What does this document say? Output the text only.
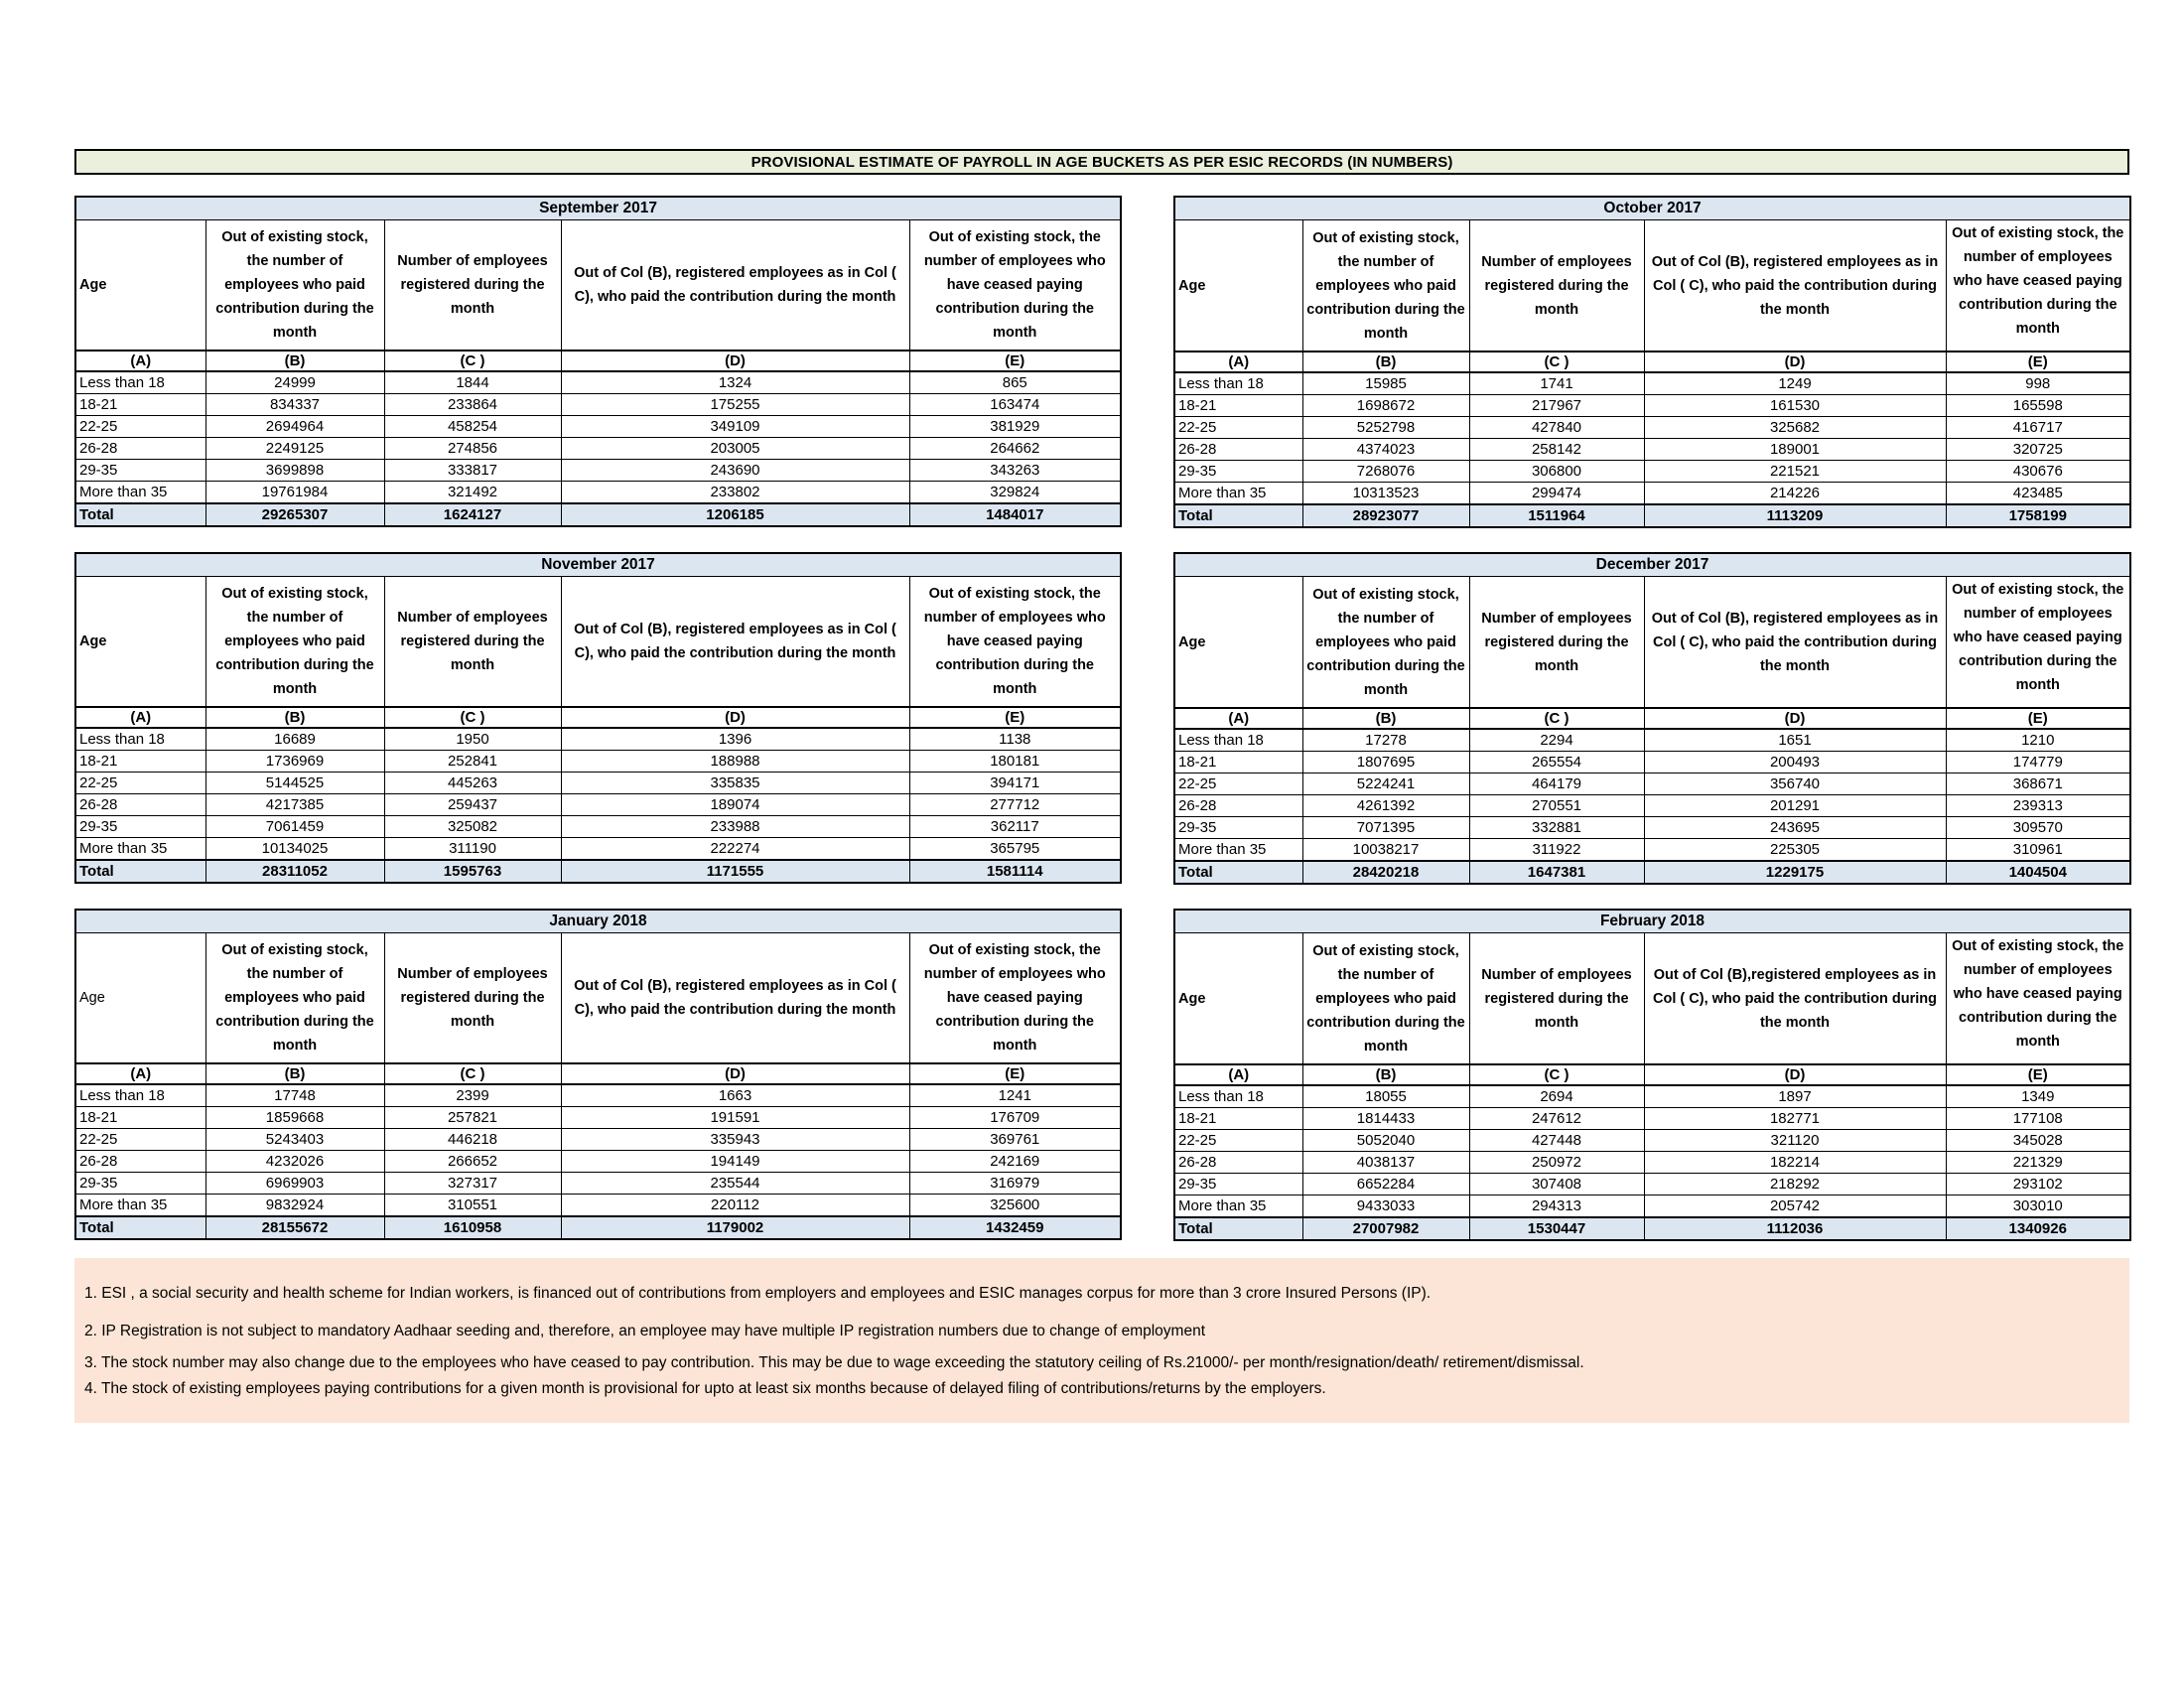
PROVISIONAL ESTIMATE OF PAYROLL IN AGE BUCKETS AS PER ESIC RECORDS (IN NUMBERS)
September 2017				

Age	Out of existing stock, the number of employees who paid contribution during the month	Number of employees registered during the month	Out of Col (B), registered employees as in Col ( C), who paid the contribution during the month	Out of existing stock, the number of employees who have ceased paying contribution during the month

(A)	(B)	(C )	(D)	(E)
Less than 18	24999	1844	1324	865
18-21	834337	233864	175255	163474
22-25	2694964	458254	349109	381929
26-28	2249125	274856	203005	264662
29-35	3699898	333817	243690	343263
More than 35	19761984	321492	233802	329824
Total	29265307	1624127	1206185	1484017
October 2017				

Age	Out of existing stock, the number of employees who paid contribution during the month	Number of employees registered during the month	Out of Col (B), registered employees as in Col ( C), who paid the contribution during the month	Out of existing stock, the number of employees who have ceased paying contribution during the month

(A)	(B)	(C )	(D)	(E)
Less than 18	15985	1741	1249	998
18-21	1698672	217967	161530	165598
22-25	5252798	427840	325682	416717
26-28	4374023	258142	189001	320725
29-35	7268076	306800	221521	430676
More than 35	10313523	299474	214226	423485
Total	28923077	1511964	1113209	1758199
November 2017				

Age	Out of existing stock, the number of employees who paid contribution during the month	Number of employees registered during the month	Out of Col (B), registered employees as in Col ( C), who paid the contribution during the month	Out of existing stock, the number of employees who have ceased paying contribution during the month

(A)	(B)	(C )	(D)	(E)
Less than 18	16689	1950	1396	1138
18-21	1736969	252841	188988	180181
22-25	5144525	445263	335835	394171
26-28	4217385	259437	189074	277712
29-35	7061459	325082	233988	362117
More than 35	10134025	311190	222274	365795
Total	28311052	1595763	1171555	1581114
December 2017				

Age	Out of existing stock, the number of employees who paid contribution during the month	Number of employees registered during the month	Out of Col (B), registered employees as in Col ( C), who paid the contribution during the month	Out of existing stock, the number of employees who have ceased paying contribution during the month

(A)	(B)	(C )	(D)	(E)
Less than 18	17278	2294	1651	1210
18-21	1807695	265554	200493	174779
22-25	5224241	464179	356740	368671
26-28	4261392	270551	201291	239313
29-35	7071395	332881	243695	309570
More than 35	10038217	311922	225305	310961
Total	28420218	1647381	1229175	1404504
January 2018				

Age	Out of existing stock, the number of employees who paid contribution during the month	Number of employees registered during the month	Out of Col (B), registered employees as in Col ( C), who paid the contribution during the month	Out of existing stock, the number of employees who have ceased paying contribution during the month

(A)	(B)	(C )	(D)	(E)
Less than 18	17748	2399	1663	1241
18-21	1859668	257821	191591	176709
22-25	5243403	446218	335943	369761
26-28	4232026	266652	194149	242169
29-35	6969903	327317	235544	316979
More than 35	9832924	310551	220112	325600
Total	28155672	1610958	1179002	1432459
February 2018				

Age	Out of existing stock, the number of employees who paid contribution during the month	Number of employees registered during the month	Out of Col (B),registered employees as in Col ( C), who paid the contribution during the month	Out of existing stock, the number of employees who have ceased paying contribution during the month

(A)	(B)	(C )	(D)	(E)
Less than 18	18055	2694	1897	1349
18-21	1814433	247612	182771	177108
22-25	5052040	427448	321120	345028
26-28	4038137	250972	182214	221329
29-35	6652284	307408	218292	293102
More than 35	9433033	294313	205742	303010
Total	27007982	1530447	1112036	1340926

1. ESI , a social security and health scheme for Indian workers, is financed out of contributions from employers and employees and ESIC manages corpus for more than 3 crore Insured Persons (IP).

2. IP Registration is not subject to mandatory Aadhaar seeding and, therefore, an employee may have multiple IP registration numbers due to change of employment

3. The stock number may also change due to the employees who have ceased to pay contribution. This may be due to wage exceeding the statutory ceiling of Rs.21000/- per month/resignation/death/ retirement/dismissal.

4. The stock of existing employees paying contributions for a given month is provisional for upto at least six months because of delayed filing of contributions/returns by the employers.
